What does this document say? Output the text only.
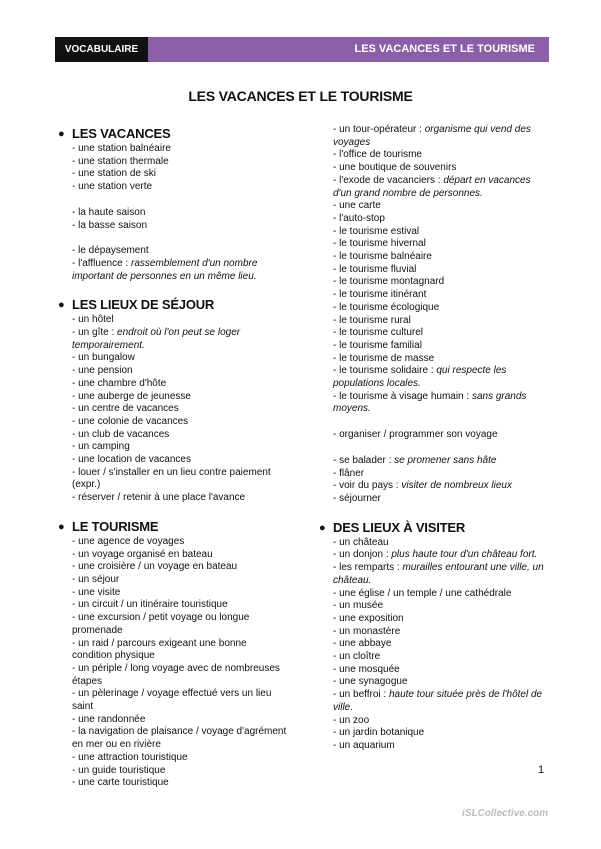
VOCABULAIRE	LES VACANCES ET LE TOURISME
LES VACANCES ET LE TOURISME
● LES VACANCES
- une station balnéaire
- une station thermale
- une station de ski
- une station verte
- la haute saison
- la basse saison
- le dépaysement
- l'affluence : rassemblement d'un nombre important de personnes en un même lieu.
● LES LIEUX DE SÉJOUR
- un hôtel
- un gîte : endroit où l'on peut se loger temporairement.
- un bungalow
- une pension
- une chambre d'hôte
- une auberge de jeunesse
- un centre de vacances
- une colonie de vacances
- un club de vacances
- un camping
- une location de vacances
- louer / s'installer en un lieu contre paiement (expr.)
- réserver / retenir à une place l'avance
● LE TOURISME
- une agence de voyages
- un voyage organisé en bateau
- une croisière / un voyage en bateau
- un séjour
- une visite
- un circuit / un itinéraire touristique
- une excursion / petit voyage ou longue promenade
- un raid / parcours exigeant une bonne condition physique
- un périple / long voyage avec de nombreuses étapes
- un pèlerinage / voyage effectué vers un lieu saint
- une randonnée
- la navigation de plaisance / voyage d'agrément en mer ou en rivière
- une attraction touristique
- un guide touristique
- une carte touristique
- un tour-opérateur : organisme qui vend des voyages
- l'office de tourisme
- une boutique de souvenirs
- l'exode de vacanciers : départ en vacances d'un grand nombre de personnes.
- une carte
- l'auto-stop
- le tourisme estival
- le tourisme hivernal
- le tourisme balnéaire
- le tourisme fluvial
- le tourisme montagnard
- le tourisme itinérant
- le tourisme écologique
- le tourisme rural
- le tourisme culturel
- le tourisme familial
- le tourisme de masse
- le tourisme solidaire : qui respecte les populations locales.
- le tourisme à visage humain : sans grands moyens.
- organiser / programmer son voyage
- se balader : se promener sans hâte
- flâner
- voir du pays : visiter de nombreux lieux
- séjourner
● DES LIEUX À VISITER
- un château
- un donjon : plus haute tour d'un château fort.
- les remparts : murailles entourant une ville, un château.
- une église / un temple / une cathédrale
- un musée
- une exposition
- un monastère
- une abbaye
- un cloître
- une mosquée
- une synagogue
- un beffroi : haute tour située près de l'hôtel de ville.
- un zoo
- un jardin botanique
- un aquarium
1
iSLCollective.com
